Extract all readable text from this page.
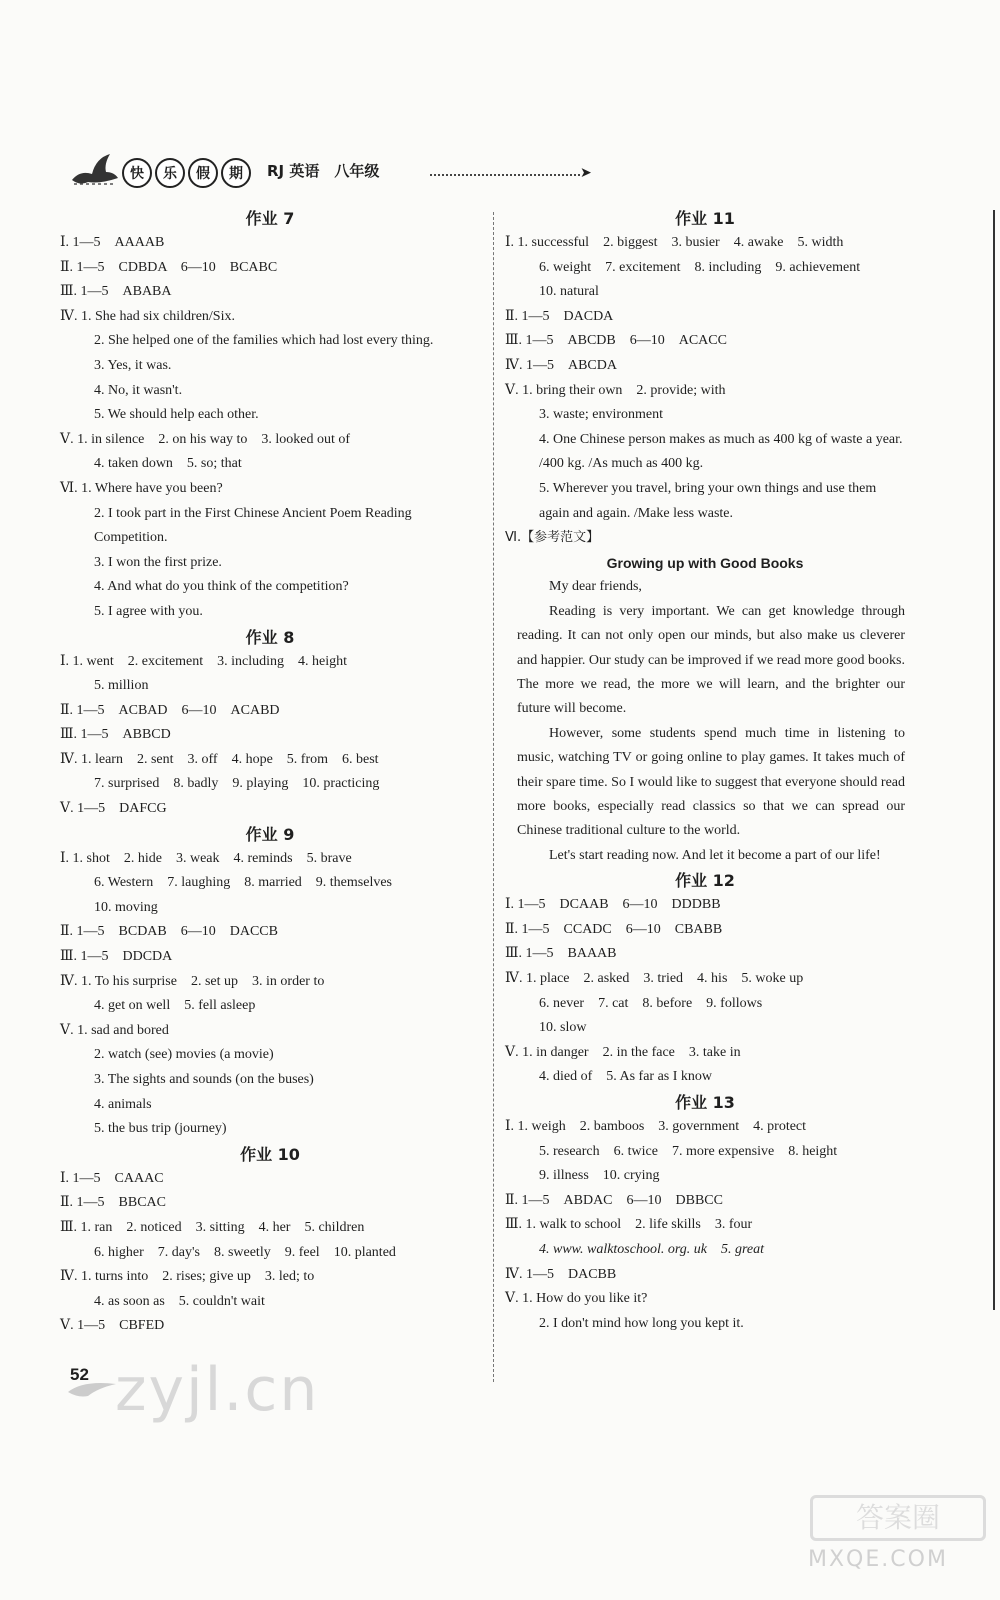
快	乐	假	期	RJ 英语　八年级	➤
作业 7
Ⅰ. 1—5　AAAAB
Ⅱ. 1—5　CDBDA　6—10　BCABC
Ⅲ. 1—5　ABABA
Ⅳ. 1. She had six children/Six.
2. She helped one of the families which had lost every thing.
3. Yes, it was.
4. No, it wasn't.
5. We should help each other.
Ⅴ. 1. in silence　2. on his way to　3. looked out of
4. taken down　5. so; that
Ⅵ. 1. Where have you been?
2. I took part in the First Chinese Ancient Poem Reading Competition.
3. I won the first prize.
4. And what do you think of the competition?
5. I agree with you.
作业 8
Ⅰ. 1. went　2. excitement　3. including　4. height
5. million
Ⅱ. 1—5　ACBAD　6—10　ACABD
Ⅲ. 1—5　ABBCD
Ⅳ. 1. learn　2. sent　3. off　4. hope　5. from　6. best
7. surprised　8. badly　9. playing　10. practicing
Ⅴ. 1—5　DAFCG
作业 9
Ⅰ. 1. shot　2. hide　3. weak　4. reminds　5. brave
6. Western　7. laughing　8. married　9. themselves
10. moving
Ⅱ. 1—5　BCDAB　6—10　DACCB
Ⅲ. 1—5　DDCDA
Ⅳ. 1. To his surprise　2. set up　3. in order to
4. get on well　5. fell asleep
Ⅴ. 1. sad and bored
2. watch (see) movies (a movie)
3. The sights and sounds (on the buses)
4. animals
5. the bus trip (journey)
作业 10
Ⅰ. 1—5　CAAAC
Ⅱ. 1—5　BBCAC
Ⅲ. 1. ran　2. noticed　3. sitting　4. her　5. children
6. higher　7. day's　8. sweetly　9. feel　10. planted
Ⅳ. 1. turns into　2. rises; give up　3. led; to
4. as soon as　5. couldn't wait
Ⅴ. 1—5　CBFED
作业 11
Ⅰ. 1. successful　2. biggest　3. busier　4. awake　5. width
6. weight　7. excitement　8. including　9. achievement
10. natural
Ⅱ. 1—5　DACDA
Ⅲ. 1—5　ABCDB　6—10　ACACC
Ⅳ. 1—5　ABCDA
Ⅴ. 1. bring their own　2. provide; with
3. waste; environment
4. One Chinese person makes as much as 400 kg of waste a year. /400 kg. /As much as 400 kg.
5. Wherever you travel, bring your own things and use them again and again. /Make less waste.
Ⅵ.【参考范文】
Growing up with Good Books

My dear friends,

Reading is very important. We can get knowledge through reading. It can not only open our minds, but also make us cleverer and happier. Our study can be improved if we read more good books. The more we read, the more we will learn, and the brighter our future will become.

However, some students spend much time in listening to music, watching TV or going online to play games. It takes much of their spare time. So I would like to suggest that everyone should read more books, especially read classics so that we can spread our Chinese traditional culture to the world.

Let's start reading now. And let it become a part of our life!

作业 12
Ⅰ. 1—5　DCAAB　6—10　DDDBB
Ⅱ. 1—5　CCADC　6—10　CBABB
Ⅲ. 1—5　BAAAB
Ⅳ. 1. place　2. asked　3. tried　4. his　5. woke up
6. never　7. cat　8. before　9. follows
10. slow
Ⅴ. 1. in danger　2. in the face　3. take in
4. died of　5. As far as I know
作业 13
Ⅰ. 1. weigh　2. bamboos　3. government　4. protect
5. research　6. twice　7. more expensive　8. height
9. illness　10. crying
Ⅱ. 1—5　ABDAC　6—10　DBBCC
Ⅲ. 1. walk to school　2. life skills　3. four
4. www. walktoschool. org. uk　5. great
Ⅳ. 1—5　DACBB
Ⅴ. 1. How do you like it?
2. I don't mind how long you kept it.
52 zyjl.cn
答案圈
MXQE.COM
